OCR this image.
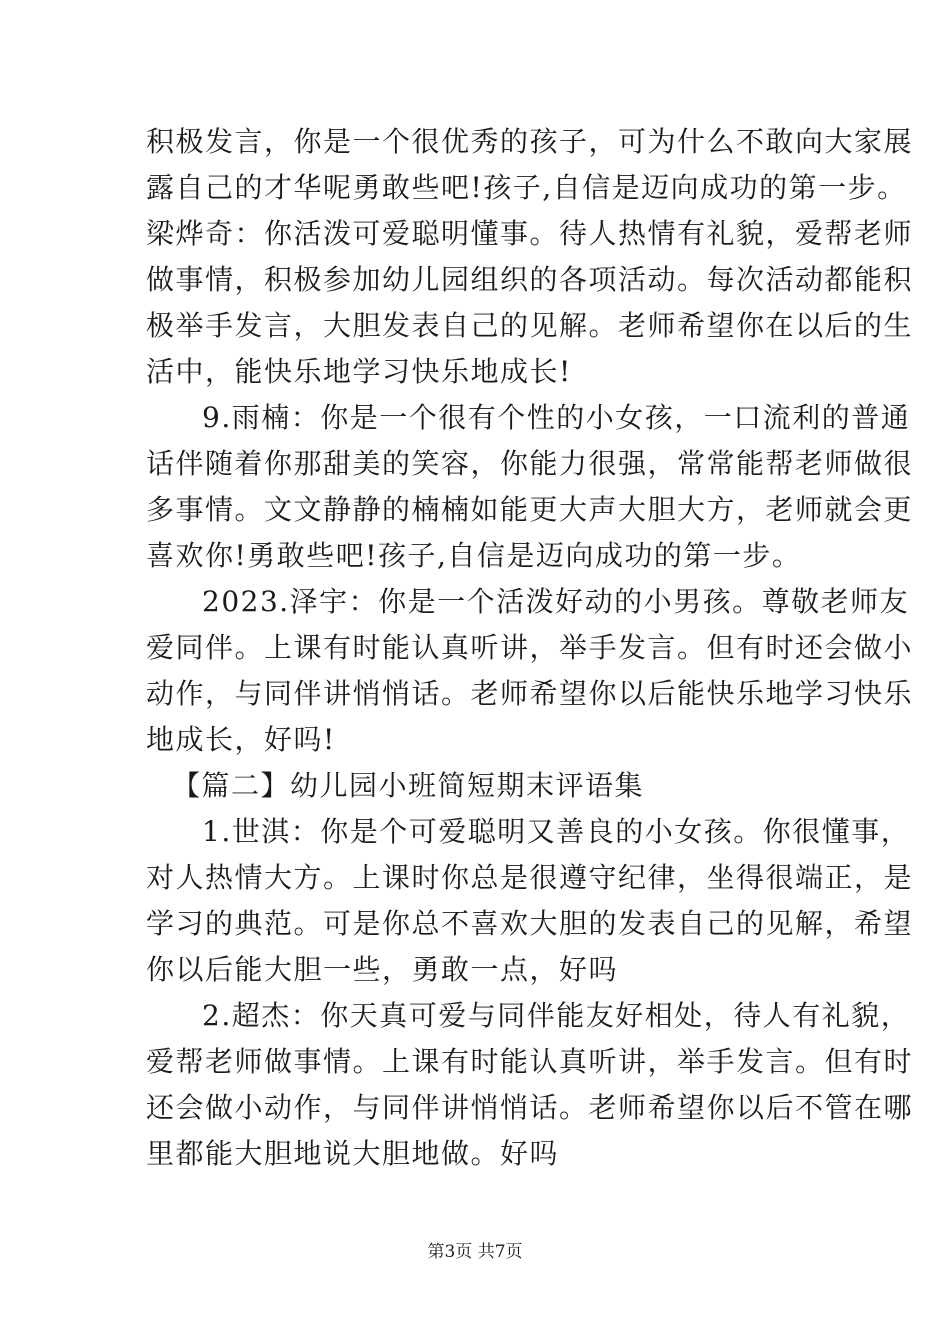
积极发言，你是一个很优秀的孩子，可为什么不敢向大家展
露自己的才华呢勇敢些吧!孩子,自信是迈向成功的第一步。
梁烨奇：你活泼可爱聪明懂事。待人热情有礼貌，爱帮老师
做事情，积极参加幼儿园组织的各项活动。每次活动都能积
极举手发言，大胆发表自己的见解。老师希望你在以后的生
活中，能快乐地学习快乐地成长!
9.雨楠：你是一个很有个性的小女孩，一口流利的普通
话伴随着你那甜美的笑容，你能力很强，常常能帮老师做很
多事情。文文静静的楠楠如能更大声大胆大方，老师就会更
喜欢你!勇敢些吧!孩子,自信是迈向成功的第一步。
2023.泽宇：你是一个活泼好动的小男孩。尊敬老师友
爱同伴。上课有时能认真听讲，举手发言。但有时还会做小
动作，与同伴讲悄悄话。老师希望你以后能快乐地学习快乐
地成长，好吗!
【篇二】幼儿园小班简短期末评语集
1.世淇：你是个可爱聪明又善良的小女孩。你很懂事，
对人热情大方。上课时你总是很遵守纪律，坐得很端正，是
学习的典范。可是你总不喜欢大胆的发表自己的见解，希望
你以后能大胆一些，勇敢一点，好吗
2.超杰：你天真可爱与同伴能友好相处，待人有礼貌，
爱帮老师做事情。上课有时能认真听讲，举手发言。但有时
还会做小动作，与同伴讲悄悄话。老师希望你以后不管在哪
里都能大胆地说大胆地做。好吗
第3页 共7页
